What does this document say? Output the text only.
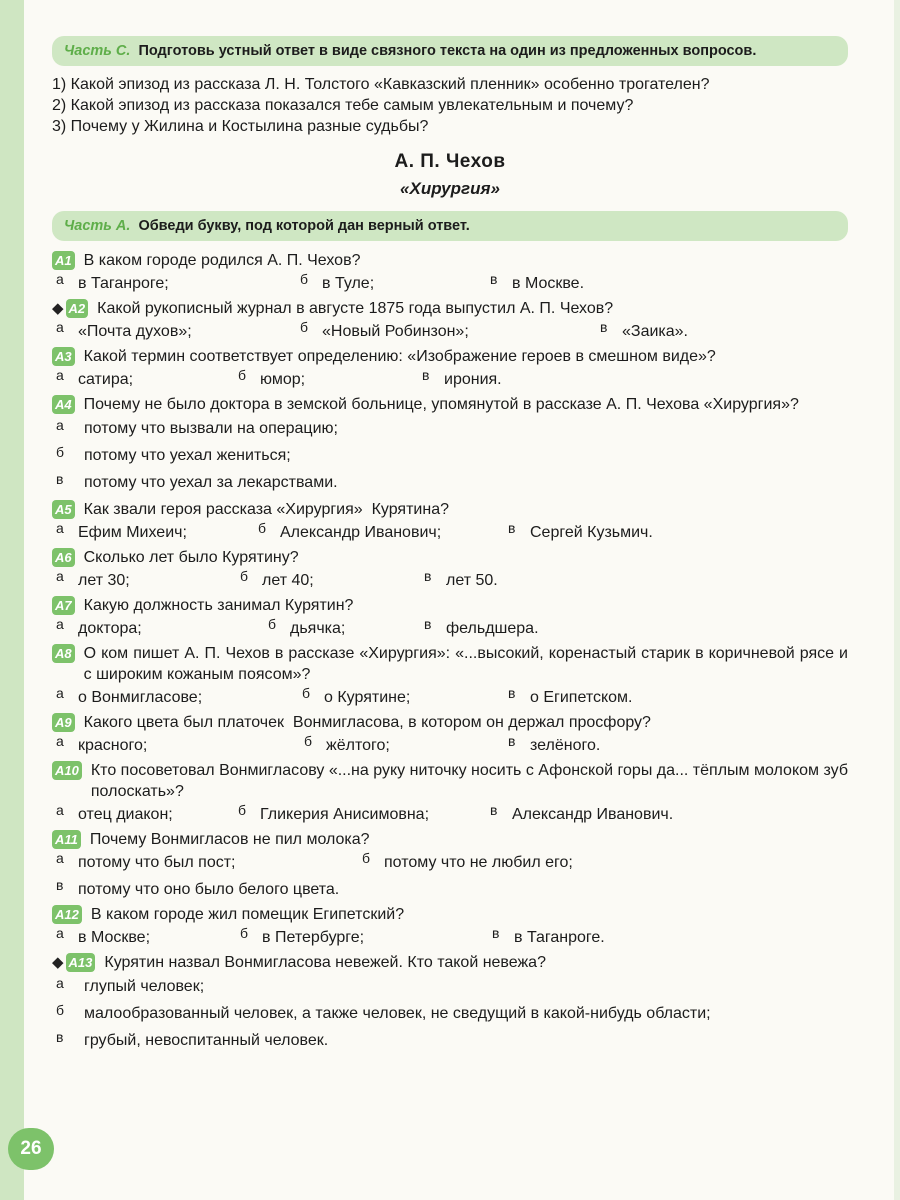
Часть С. Подготовь устный ответ в виде связного текста на один из предложенных вопросов.
1) Какой эпизод из рассказа Л. Н. Толстого «Кавказский пленник» особенно трогателен?
2) Какой эпизод из рассказа показался тебе самым увлекательным и почему?
3) Почему у Жилина и Костылина разные судьбы?
А. П. Чехов
«Хирургия»
Часть А. Обведи букву, под которой дан верный ответ.
А1 В каком городе родился А. П. Чехов?
а в Таганроге;	б в Туле;	в в Москве.
◆ А2 Какой рукописный журнал в августе 1875 года выпустил А. П. Чехов?
а «Почта духов»;	б «Новый Робинзон»;	в «Заика».
А3 Какой термин соответствует определению: «Изображение героев в смешном виде»?
а сатира;	б юмор;	в ирония.
А4 Почему не было доктора в земской больнице, упомянутой в рассказе А. П. Чехова «Хирургия»?
а	потому что вызвали на операцию;
б	потому что уехал жениться;
в	потому что уехал за лекарствами.
А5 Как звали героя рассказа «Хирургия»  Курятина?
а Ефим Михеич;	б Александр Иванович;	в Сергей Кузьмич.
А6 Сколько лет было Курятину?
а лет 30;	б лет 40;	в лет 50.
А7 Какую должность занимал Курятин?
а доктора;	б дьячка;	в фельдшера.
А8 О ком пишет А. П. Чехов в рассказе «Хирургия»: «...высокий, коренастый старик в коричневой рясе и с широким кожаным поясом»?
а о Вонмигласове;	б о Курятине;	в о Египетском.
А9 Какого цвета был платочек  Вонмигласова, в котором он держал просфору?
а красного;	б жёлтого;	в зелёного.
А10 Кто посоветовал Вонмигласову «...на руку ниточку носить с Афонской горы да... тёплым молоком зуб полоскать»?
а отец диакон;	б Гликерия Анисимовна;	в Александр Иванович.
А11 Почему Вонмигласов не пил молока?
а потому что был пост;	б потому что не любил его;
в потому что оно было белого цвета.
А12 В каком городе жил помещик Египетский?
а в Москве;	б в Петербурге;	в в Таганроге.
◆ А13 Курятин назвал Вонмигласова невежей. Кто такой невежа?
а	глупый человек;
б	малообразованный человек, а также человек, не сведущий в какой-нибудь области;
в	грубый, невоспитанный человек.
26
